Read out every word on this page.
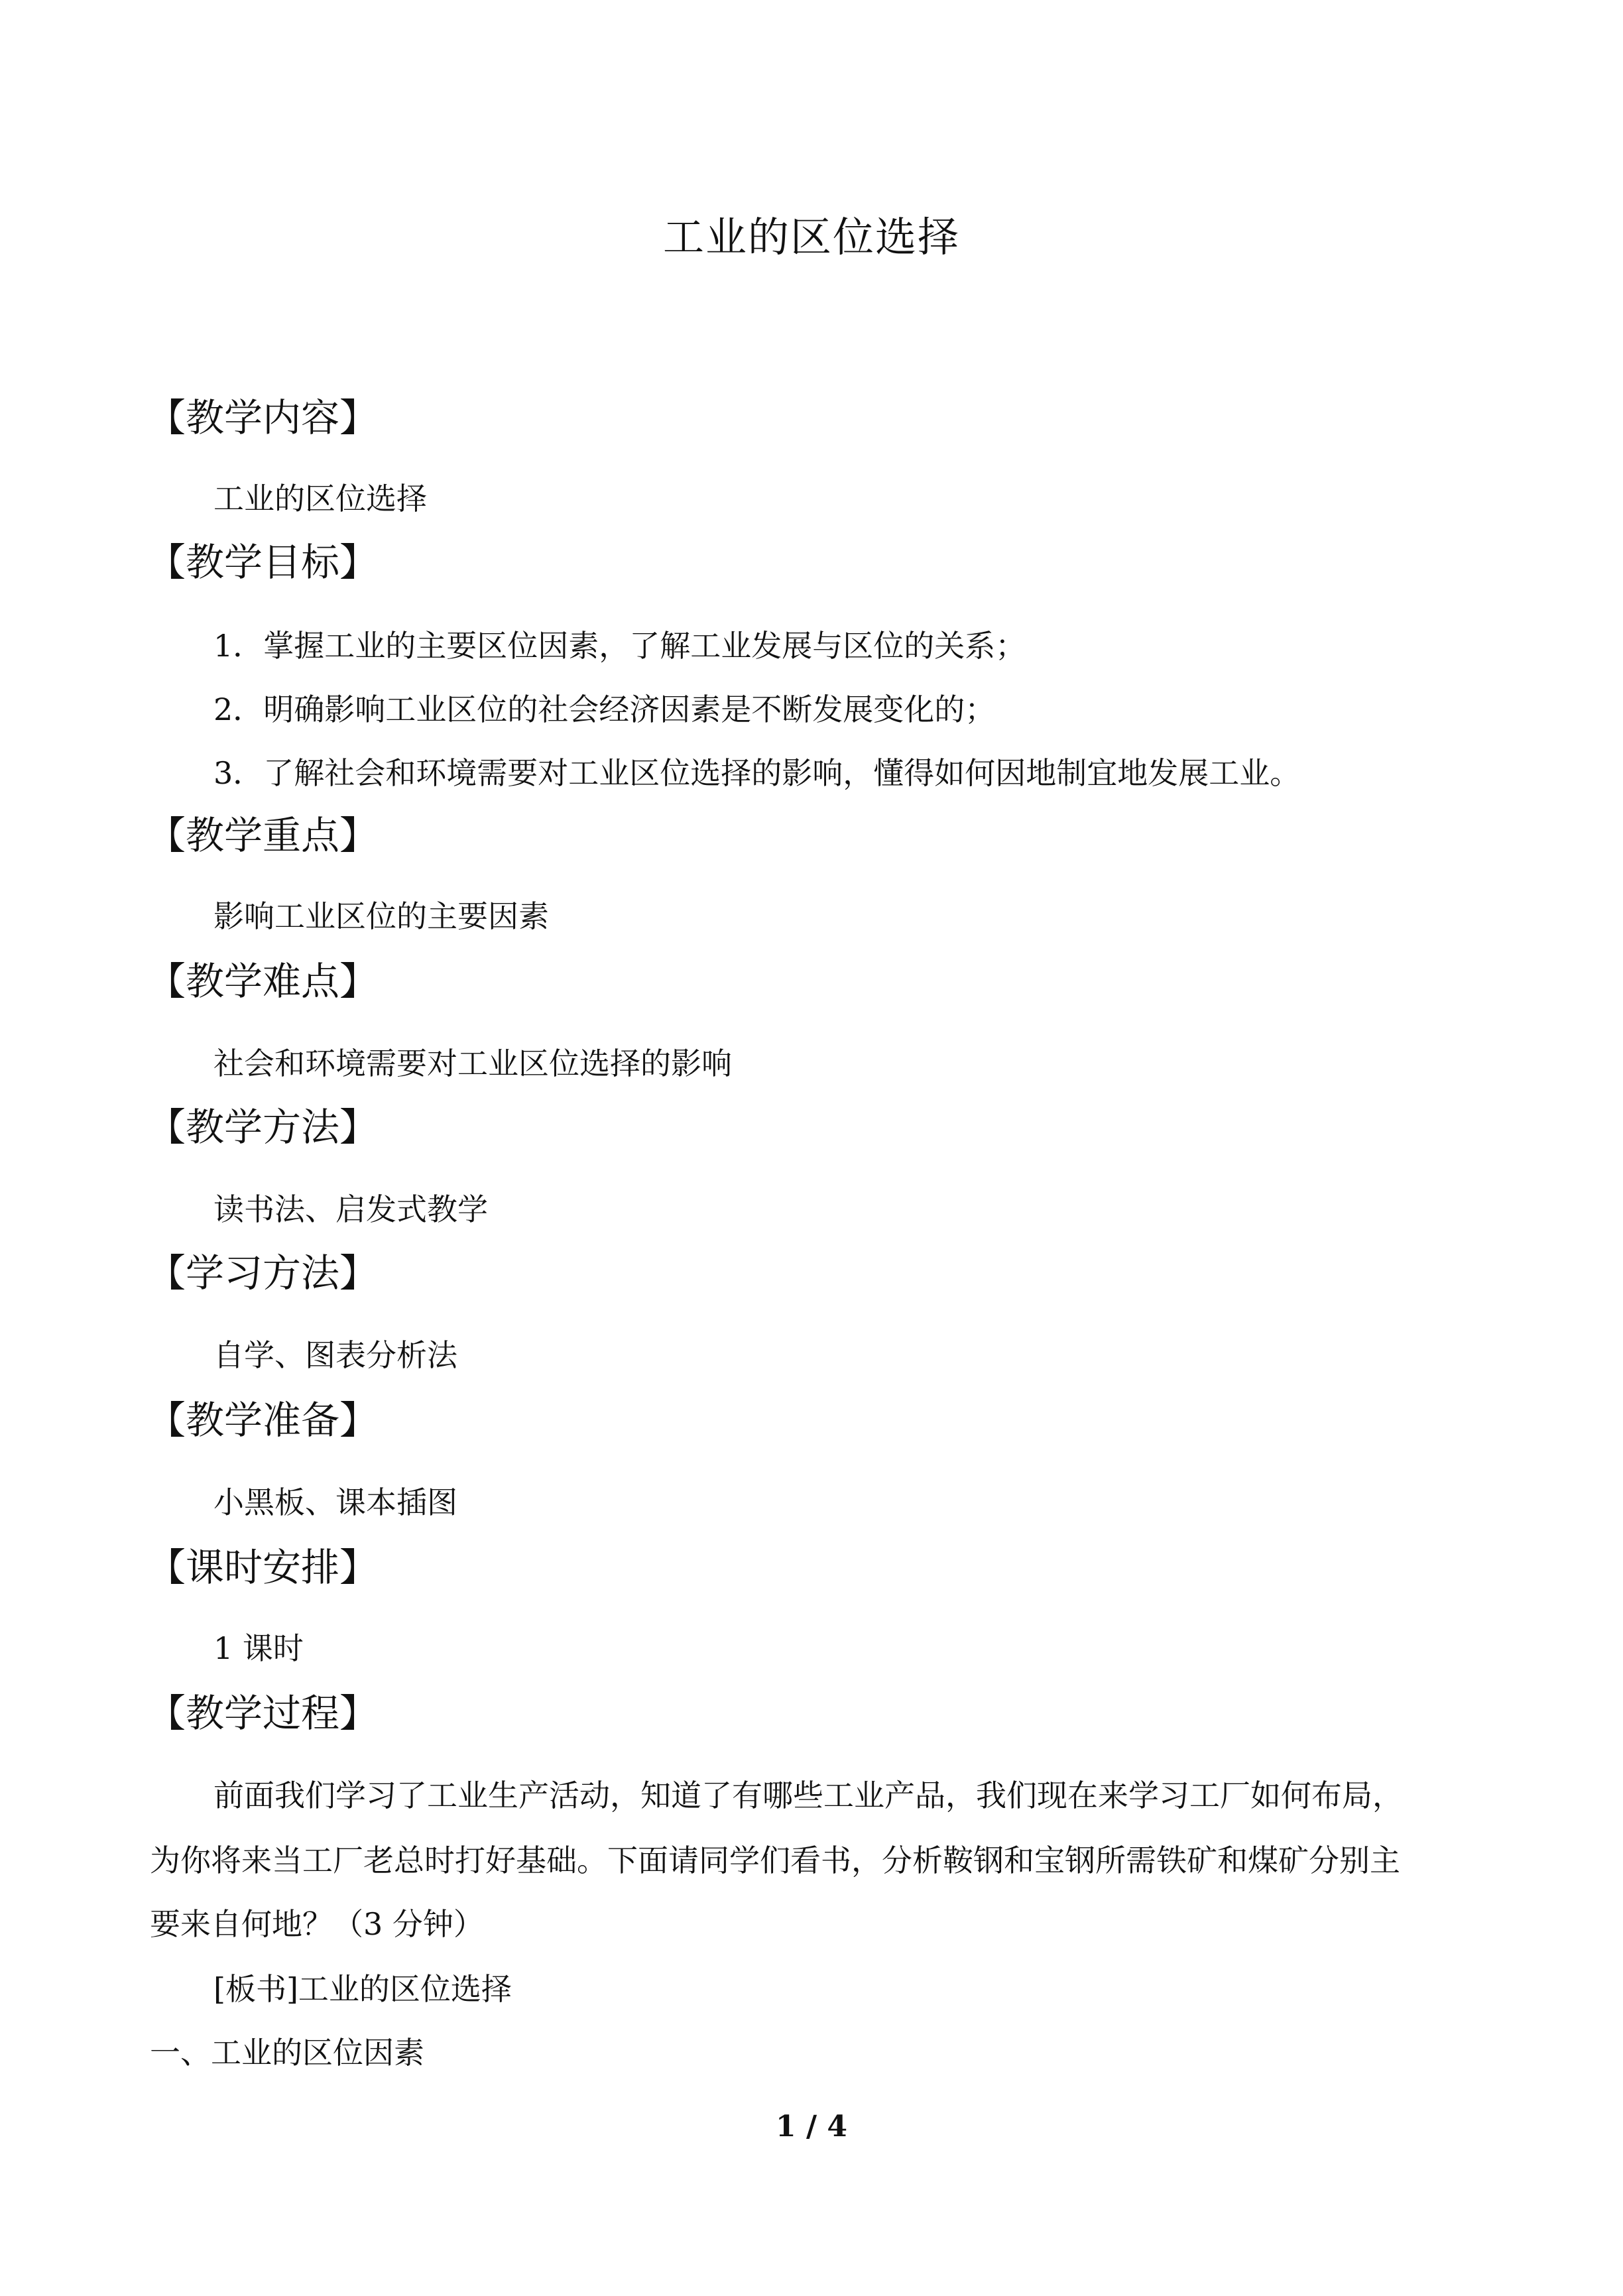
工业的区位选择
【教学内容】
工业的区位选择
【教学目标】
1．掌握工业的主要区位因素，了解工业发展与区位的关系；
2．明确影响工业区位的社会经济因素是不断发展变化的；
3．了解社会和环境需要对工业区位选择的影响，懂得如何因地制宜地发展工业。
【教学重点】
影响工业区位的主要因素
【教学难点】
社会和环境需要对工业区位选择的影响
【教学方法】
读书法、启发式教学
【学习方法】
自学、图表分析法
【教学准备】
小黑板、课本插图
【课时安排】
1 课时
【教学过程】
前面我们学习了工业生产活动，知道了有哪些工业产品，我们现在来学习工厂如何布局，
为你将来当工厂老总时打好基础。下面请同学们看书，分析鞍钢和宝钢所需铁矿和煤矿分别主
要来自何地？（3 分钟）
[板书]工业的区位选择
一、工业的区位因素
1 / 4
